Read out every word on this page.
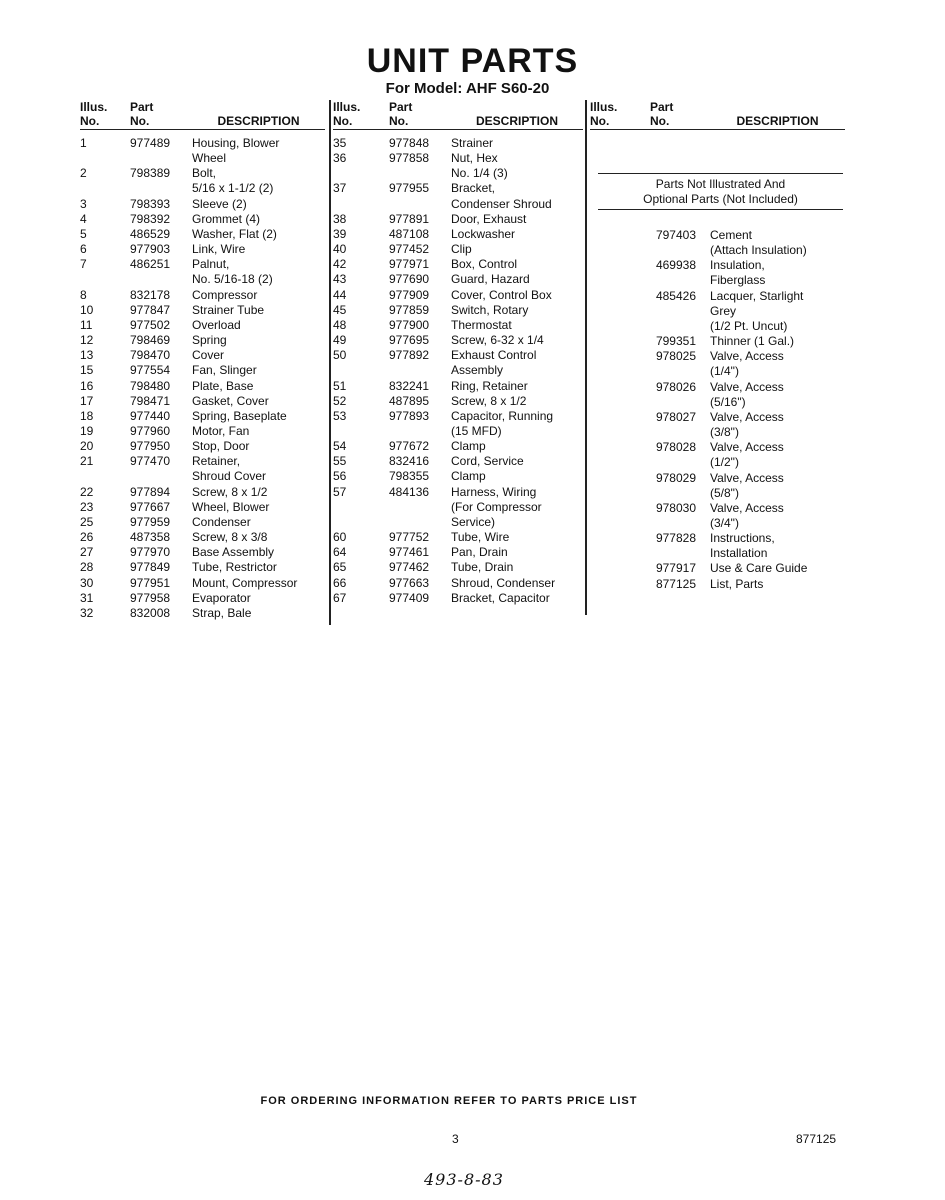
UNIT PARTS
For Model: AHF S60-20
Illus.
No.
Part
No.	DESCRIPTION
1	977489	Housing, Blower
Wheel
2	798389	Bolt,
5/16 x 1-1/2 (2)
3	798393	Sleeve (2)
4	798392	Grommet (4)
5	486529	Washer, Flat (2)
6	977903	Link, Wire
7	486251	Palnut,
No. 5/16-18 (2)
8	832178	Compressor
10	977847	Strainer Tube
11	977502	Overload
12	798469	Spring
13	798470	Cover
15	977554	Fan, Slinger
16	798480	Plate, Base
17	798471	Gasket, Cover
18	977440	Spring, Baseplate
19	977960	Motor, Fan
20	977950	Stop, Door
21	977470	Retainer,
Shroud Cover
22	977894	Screw, 8 x 1/2
23	977667	Wheel, Blower
25	977959	Condenser
26	487358	Screw, 8 x 3/8
27	977970	Base Assembly
28	977849	Tube, Restrictor
30	977951	Mount, Compressor
31	977958	Evaporator
32	832008	Strap, Bale
Illus.
No.
Part
No.	DESCRIPTION
35	977848	Strainer
36	977858	Nut, Hex
No. 1/4 (3)
37	977955	Bracket,
Condenser Shroud
38	977891	Door, Exhaust
39	487108	Lockwasher
40	977452	Clip
42	977971	Box, Control
43	977690	Guard, Hazard
44	977909	Cover, Control Box
45	977859	Switch, Rotary
48	977900	Thermostat
49	977695	Screw, 6-32 x 1/4
50	977892	Exhaust Control
Assembly
51	832241	Ring, Retainer
52	487895	Screw, 8 x 1/2
53	977893	Capacitor, Running
(15 MFD)
54	977672	Clamp
55	832416	Cord, Service
56	798355	Clamp
57	484136	Harness, Wiring
(For Compressor
Service)
60	977752	Tube, Wire
64	977461	Pan, Drain
65	977462	Tube, Drain
66	977663	Shroud, Condenser
67	977409	Bracket, Capacitor
Illus.
No.
Part
No.	DESCRIPTION
797403	Cement
(Attach Insulation)
469938	Insulation,
Fiberglass
485426	Lacquer, Starlight
Grey
(1/2 Pt. Uncut)
799351	Thinner (1 Gal.)
978025	Valve, Access
(1/4")
978026	Valve, Access
(5/16")
978027	Valve, Access
(3/8")
978028	Valve, Access
(1/2")
978029	Valve, Access
(5/8")
978030	Valve, Access
(3/4")
977828	Instructions,
Installation
977917	Use & Care Guide
877125	List, Parts
Parts Not Illustrated And
Optional Parts (Not Included)
FOR ORDERING INFORMATION REFER TO PARTS PRICE LIST
3	877125
493-8-83
